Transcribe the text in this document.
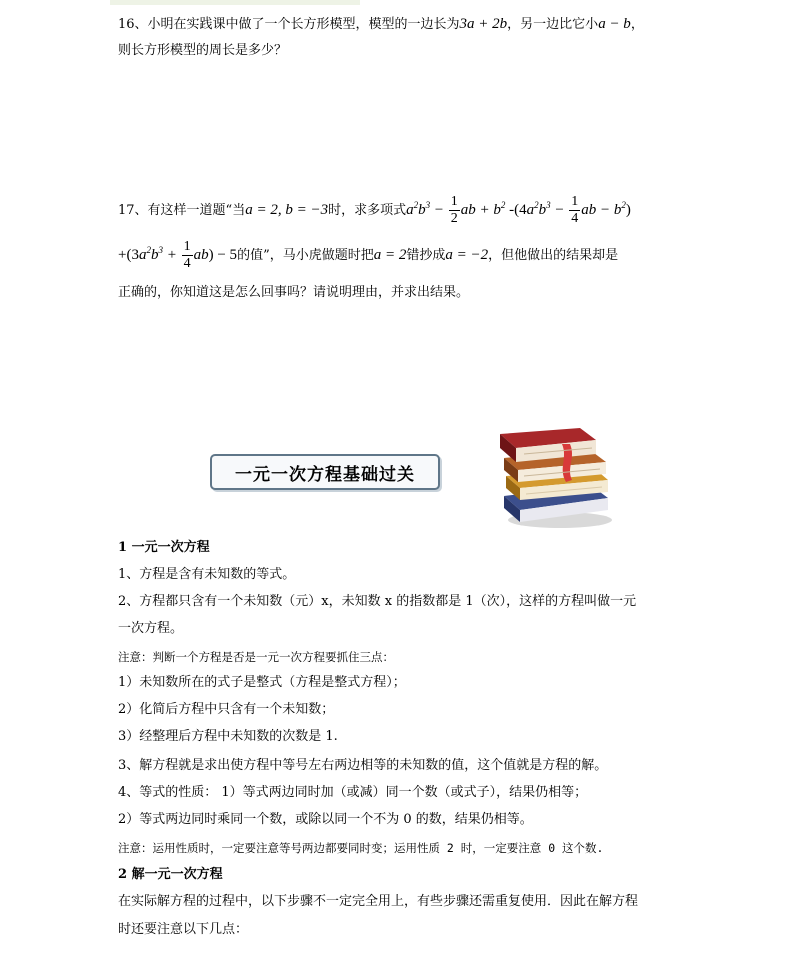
16、小明在实践课中做了一个长方形模型，模型的一边长为3a + 2b，另一边比它小a − b，
则长方形模型的周长是多少？
17、有这样一道题“当a = 2, b = −3时，求多项式$a^2b^3 - \frac{1}{2}$ ab + $b^2$ $-(4a^2b^3 - \frac{1}{4}$ ab − $b^2$)
$+(3a^2b^3 + \frac{1}{4} ab) - 5$的值”，马小虎做题时把a = 2错抄成a = −2，但他做出的结果却是
正确的，你知道这是怎么回事吗？请说明理由，并求出结果。
一元一次方程基础过关
1 一元一次方程
1、方程是含有未知数的等式。
2、方程都只含有一个未知数（元）x，未知数 x 的指数都是 1（次），这样的方程叫做一元
一次方程。
注意：判断一个方程是否是一元一次方程要抓住三点：
1）未知数所在的式子是整式（方程是整式方程）；
2）化简后方程中只含有一个未知数；
3）经整理后方程中未知数的次数是 1.
3、解方程就是求出使方程中等号左右两边相等的未知数的值，这个值就是方程的解。
4、等式的性质： 1）等式两边同时加（或减）同一个数（或式子），结果仍相等；
2）等式两边同时乘同一个数，或除以同一个不为 0 的数，结果仍相等。
注意：运用性质时，一定要注意等号两边都要同时变；运用性质 2 时，一定要注意 0 这个数.
2 解一元一次方程
在实际解方程的过程中，以下步骤不一定完全用上，有些步骤还需重复使用．因此在解方程
时还要注意以下几点：
